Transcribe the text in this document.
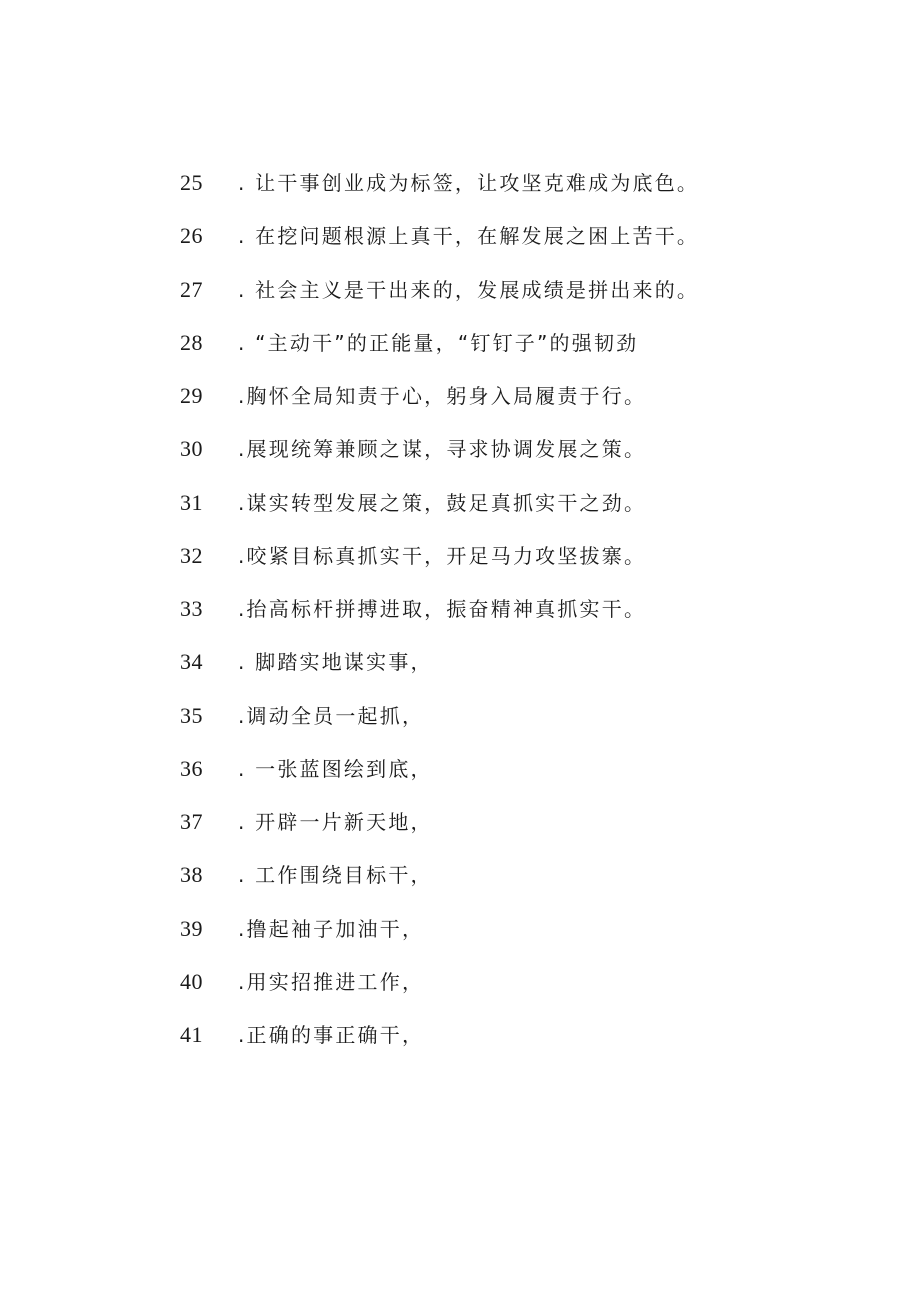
25	. 让干事创业成为标签，让攻坚克难成为底色。
26	. 在挖问题根源上真干，在解发展之困上苦干。
27	. 社会主义是干出来的，发展成绩是拼出来的。
28	. “主动干”的正能量，“钉钉子”的强韧劲
29	.胸怀全局知责于心，躬身入局履责于行。
30	.展现统筹兼顾之谋，寻求协调发展之策。
31	.谋实转型发展之策，鼓足真抓实干之劲。
32	.咬紧目标真抓实干，开足马力攻坚拔寨。
33	.抬高标杆拼搏进取，振奋精神真抓实干。
34	. 脚踏实地谋实事，
35	.调动全员一起抓，
36	. 一张蓝图绘到底，
37	. 开辟一片新天地，
38	. 工作围绕目标干，
39	.撸起袖子加油干，
40	.用实招推进工作，
41	.正确的事正确干，
